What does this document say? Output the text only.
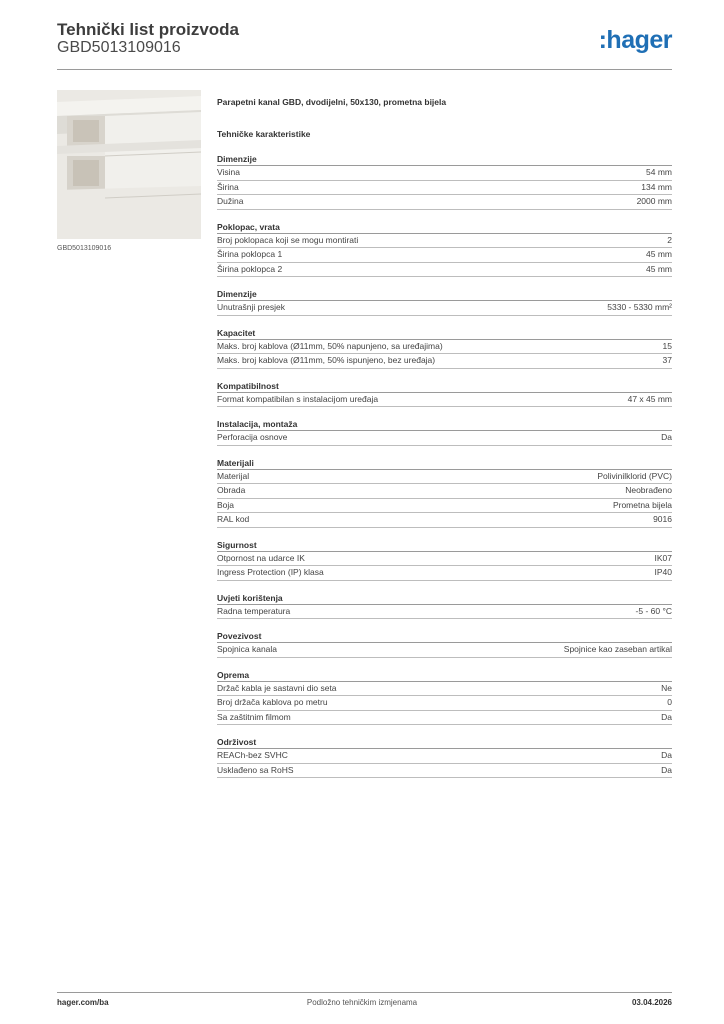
Tehnički list proizvoda
GBD5013109016	:hager
GBD5013109016
Parapetni kanal GBD, dvodijelni, 50x130, prometna bijela
Tehničke karakteristike
Dimenzije
Visina	54 mm
Širina	134 mm
Dužina	2000 mm
Poklopac, vrata
Broj poklopaca koji se mogu montirati	2
Širina poklopca 1	45 mm
Širina poklopca 2	45 mm
Dimenzije
Unutrašnji presjek	5330 - 5330 mm²
Kapacitet
Maks. broj kablova (Ø11mm, 50% napunjeno, sa uređajima)	15
Maks. broj kablova (Ø11mm, 50% ispunjeno, bez uređaja)	37
Kompatibilnost
Format kompatibilan s instalacijom uređaja	47 x 45 mm
Instalacija, montaža
Perforacija osnove	Da
Materijali
Materijal	Polivinilklorid (PVC)
Obrada	Neobrađeno
Boja	Prometna bijela
RAL kod	9016
Sigurnost
Otpornost na udarce IK	IK07
Ingress Protection (IP) klasa	IP40
Uvjeti korištenja
Radna temperatura	-5 - 60 °C
Povezivost
Spojnica kanala	Spojnice kao zaseban artikal
Oprema
Držač kabla je sastavni dio seta	Ne
Broj držača kablova po metru	0
Sa zaštitnim filmom	Da
Održivost
REACh-bez SVHC	Da
Usklađeno sa RoHS	Da
hager.com/ba	Podložno tehničkim izmjenama	03.04.2026
